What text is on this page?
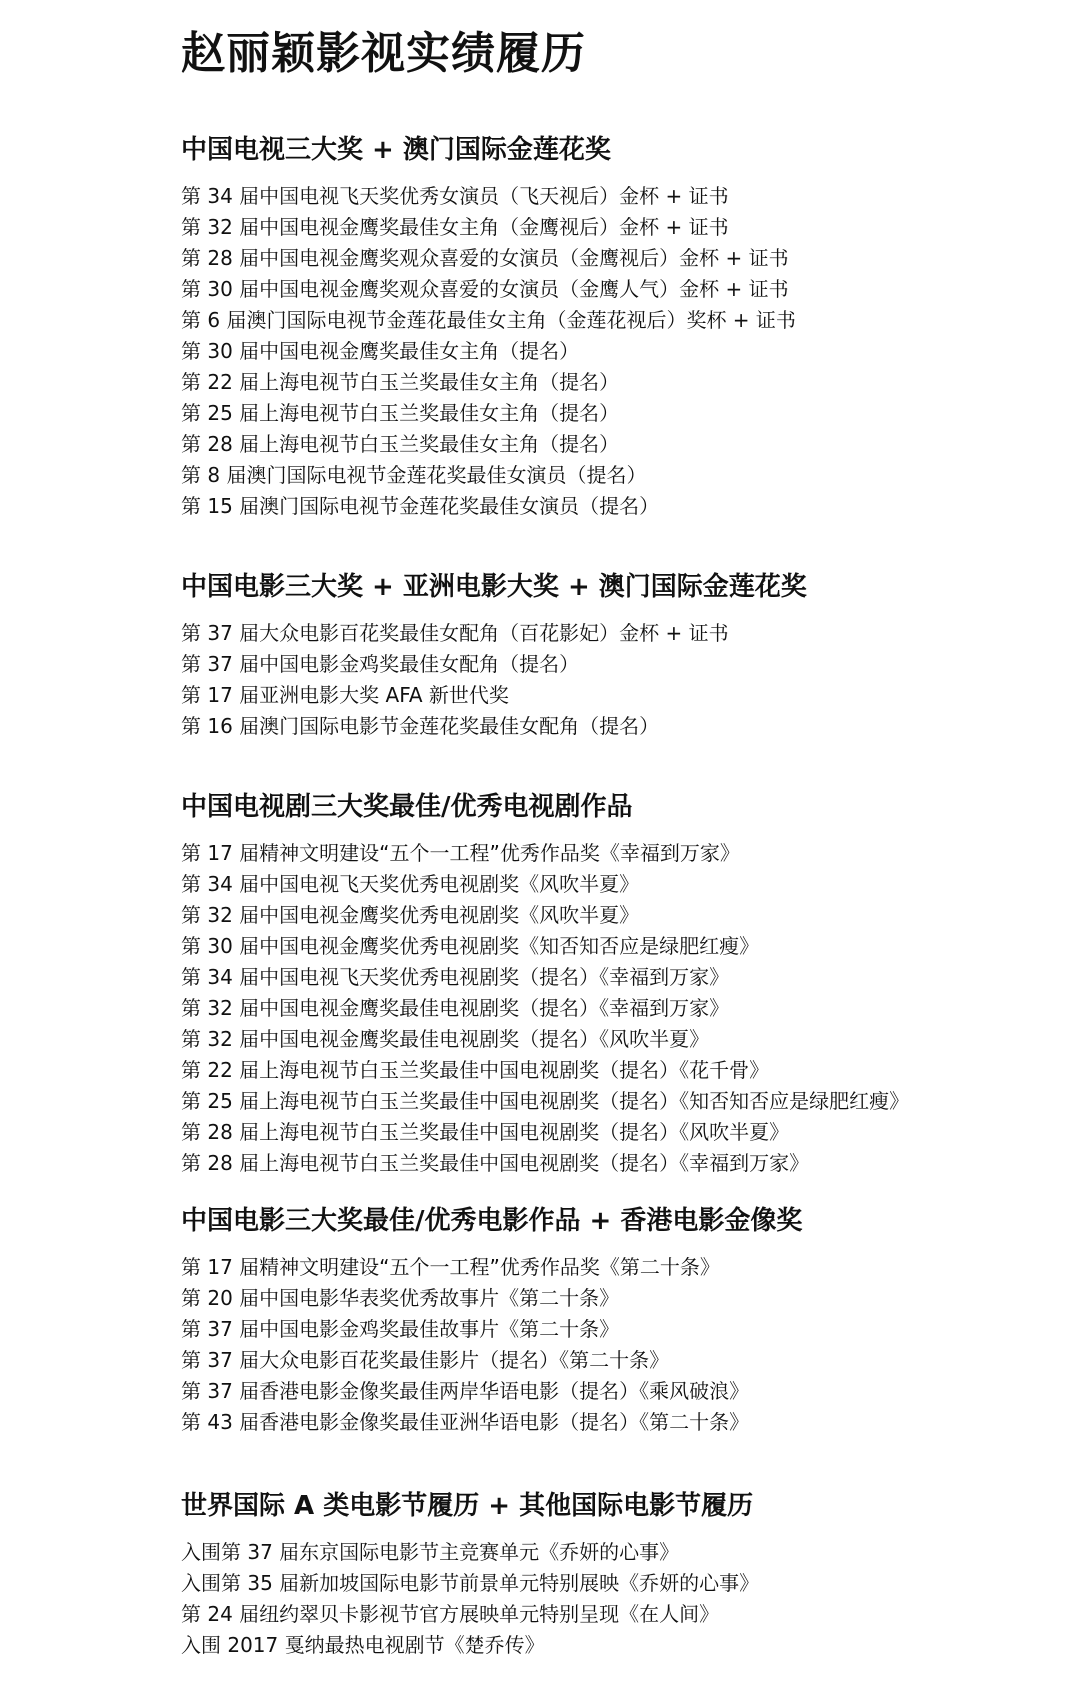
赵丽颖影视实绩履历
中国电视三大奖 + 澳门国际金莲花奖
第 34 届中国电视飞天奖优秀女演员（飞天视后）金杯 + 证书
第 32 届中国电视金鹰奖最佳女主角（金鹰视后）金杯 + 证书
第 28 届中国电视金鹰奖观众喜爱的女演员（金鹰视后）金杯 + 证书
第 30 届中国电视金鹰奖观众喜爱的女演员（金鹰人气）金杯 + 证书
第 6 届澳门国际电视节金莲花最佳女主角（金莲花视后）奖杯 + 证书
第 30 届中国电视金鹰奖最佳女主角（提名）
第 22 届上海电视节白玉兰奖最佳女主角（提名）
第 25 届上海电视节白玉兰奖最佳女主角（提名）
第 28 届上海电视节白玉兰奖最佳女主角（提名）
第 8 届澳门国际电视节金莲花奖最佳女演员（提名）
第 15 届澳门国际电视节金莲花奖最佳女演员（提名）
中国电影三大奖 + 亚洲电影大奖 + 澳门国际金莲花奖
第 37 届大众电影百花奖最佳女配角（百花影妃）金杯 + 证书
第 37 届中国电影金鸡奖最佳女配角（提名）
第 17 届亚洲电影大奖 AFA 新世代奖
第 16 届澳门国际电影节金莲花奖最佳女配角（提名）
中国电视剧三大奖最佳/优秀电视剧作品
第 17 届精神文明建设“五个一工程”优秀作品奖《幸福到万家》
第 34 届中国电视飞天奖优秀电视剧奖《风吹半夏》
第 32 届中国电视金鹰奖优秀电视剧奖《风吹半夏》
第 30 届中国电视金鹰奖优秀电视剧奖《知否知否应是绿肥红瘦》
第 34 届中国电视飞天奖优秀电视剧奖（提名）《幸福到万家》
第 32 届中国电视金鹰奖最佳电视剧奖（提名）《幸福到万家》
第 32 届中国电视金鹰奖最佳电视剧奖（提名）《风吹半夏》
第 22 届上海电视节白玉兰奖最佳中国电视剧奖（提名）《花千骨》
第 25 届上海电视节白玉兰奖最佳中国电视剧奖（提名）《知否知否应是绿肥红瘦》
第 28 届上海电视节白玉兰奖最佳中国电视剧奖（提名）《风吹半夏》
第 28 届上海电视节白玉兰奖最佳中国电视剧奖（提名）《幸福到万家》
中国电影三大奖最佳/优秀电影作品 + 香港电影金像奖
第 17 届精神文明建设“五个一工程”优秀作品奖《第二十条》
第 20 届中国电影华表奖优秀故事片《第二十条》
第 37 届中国电影金鸡奖最佳故事片《第二十条》
第 37 届大众电影百花奖最佳影片（提名）《第二十条》
第 37 届香港电影金像奖最佳两岸华语电影（提名）《乘风破浪》
第 43 届香港电影金像奖最佳亚洲华语电影（提名）《第二十条》
世界国际 A 类电影节履历 + 其他国际电影节履历
入围第 37 届东京国际电影节主竞赛单元《乔妍的心事》
入围第 35 届新加坡国际电影节前景单元特别展映《乔妍的心事》
第 24 届纽约翠贝卡影视节官方展映单元特别呈现《在人间》
入围 2017 戛纳最热电视剧节《楚乔传》
